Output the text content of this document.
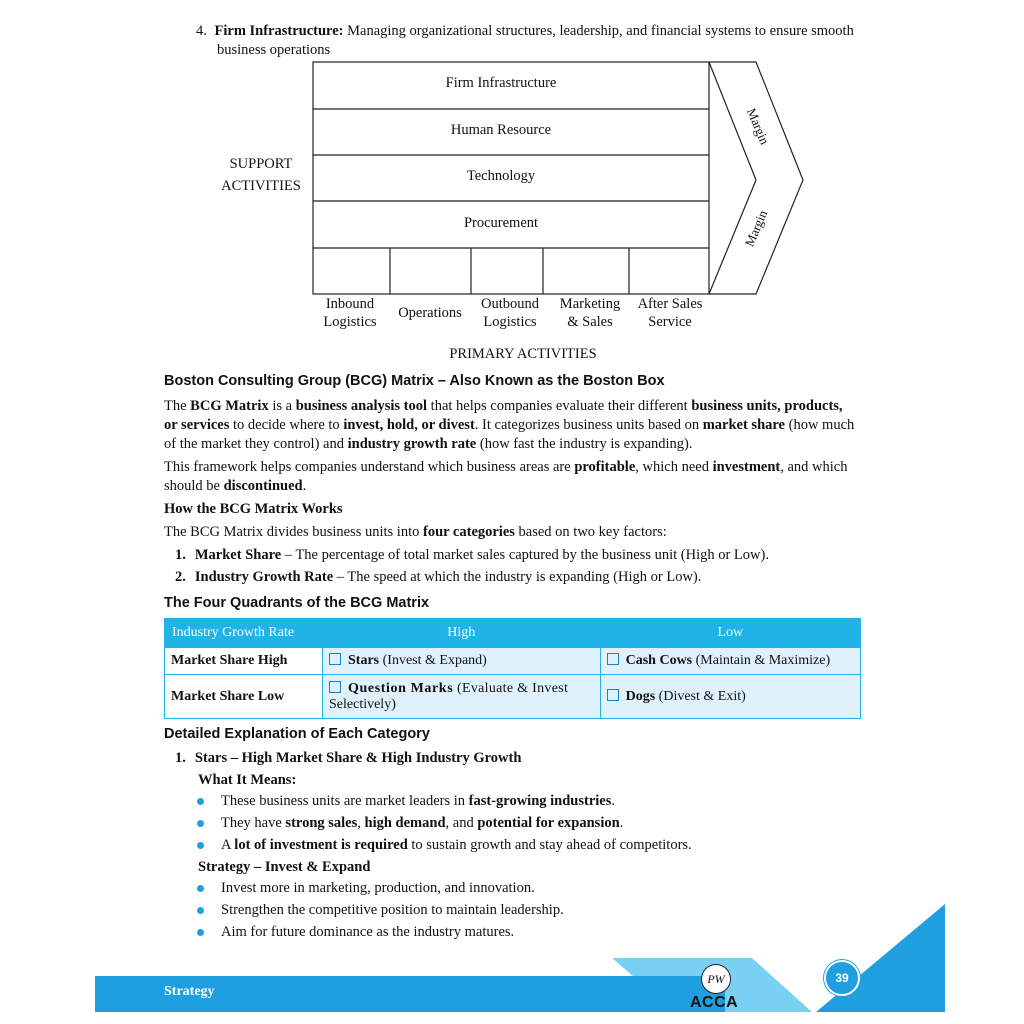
4. Firm Infrastructure: Managing organizational structures, leadership, and financial systems to ensure smooth
business operations
SUPPORT
ACTIVITIES
Firm Infrastructure
Human Resource
Technology
Procurement
Margin
Margin
Inbound
Logistics
Operations
Outbound
Logistics
Marketing
& Sales
After Sales
Service
PRIMARY ACTIVITIES
Boston Consulting Group (BCG) Matrix – Also Known as the Boston Box
The BCG Matrix is a business analysis tool that helps companies evaluate their different business units, products,
or services to decide where to invest, hold, or divest. It categorizes business units based on market share (how much
of the market they control) and industry growth rate (how fast the industry is expanding).
This framework helps companies understand which business areas are profitable, which need investment, and which
should be discontinued.
How the BCG Matrix Works
The BCG Matrix divides business units into four categories based on two key factors:
1. Market Share – The percentage of total market sales captured by the business unit (High or Low).
2. Industry Growth Rate – The speed at which the industry is expanding (High or Low).
The Four Quadrants of the BCG Matrix
Industry Growth Rate	High	Low
Market Share High	Stars (Invest & Expand)	Cash Cows (Maintain & Maximize)
Market Share Low	Question Marks (Evaluate & Invest
Selectively)	Dogs (Divest & Exit)
Detailed Explanation of Each Category
1. Stars – High Market Share & High Industry Growth
What It Means:
These business units are market leaders in fast-growing industries.
They have strong sales, high demand, and potential for expansion.
A lot of investment is required to sustain growth and stay ahead of competitors.
Strategy – Invest & Expand
Invest more in marketing, production, and innovation.
Strengthen the competitive position to maintain leadership.
Aim for future dominance as the industry matures.
Strategy
39
PW
ACCA
